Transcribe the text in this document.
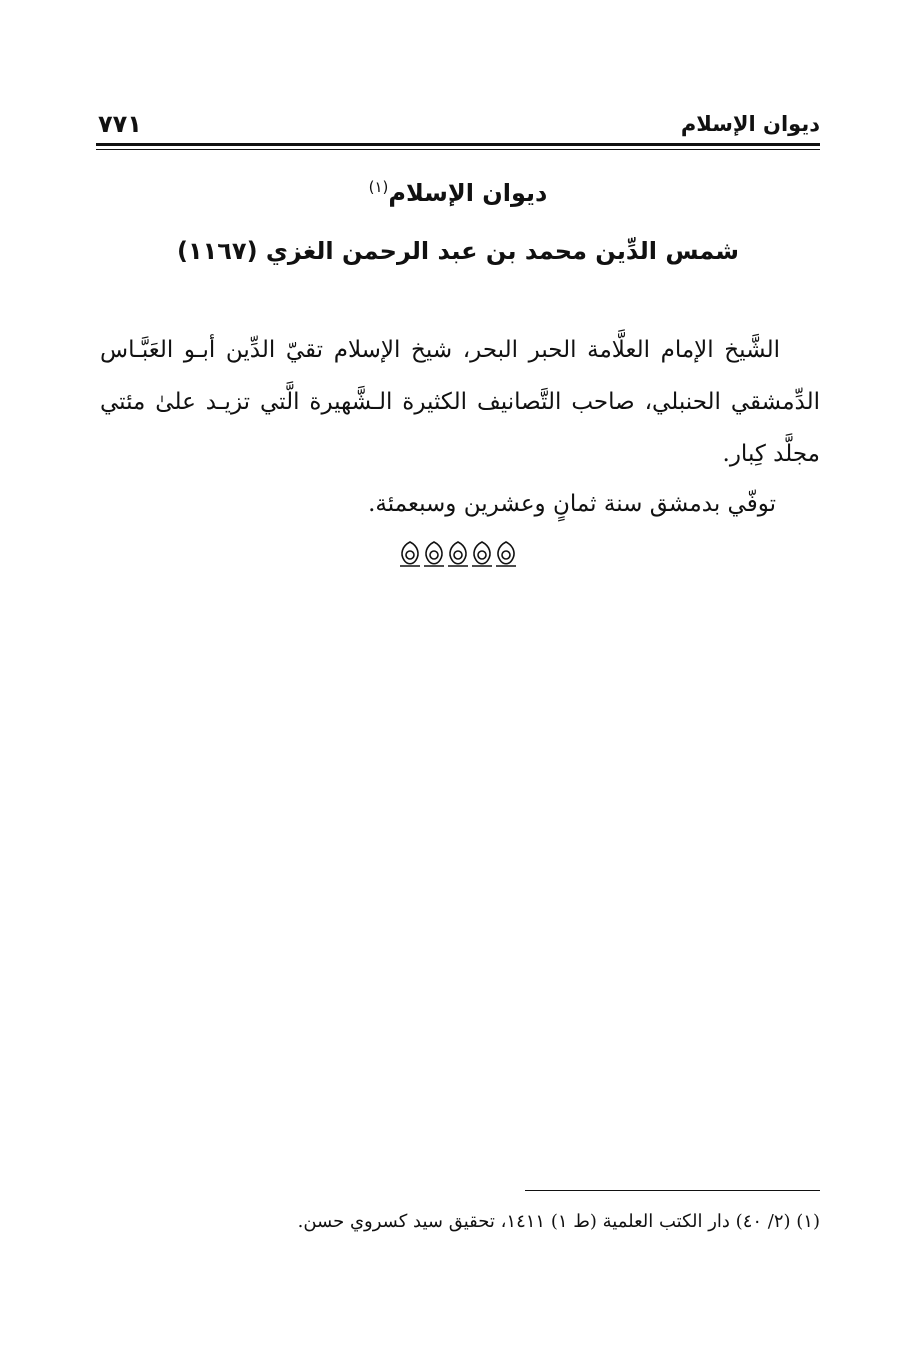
ديوان الإسلام
٧٧١
ديوان الإسلام$^{(١)}$
شمس الدِّين محمد بن عبد الرحمن الغزي (١١٦٧)

الشَّيخ الإمام العلَّامة الحبر البحر، شيخ الإسلام تقيّ الدِّين أبـو العَبَّـاس الدِّمشقي الحنبلي، صاحب التَّصانيف الكثيرة الـشَّهيرة الَّتي تزيـد علىٰ مئتي مجلَّد كِبار.

توفّي بدمشق سنة ثمانٍ وعشرين وسبعمئة.

(١) (٢/ ٤٠) دار الكتب العلمية (ط ١) ١٤١١، تحقيق سيد كسروي حسن.
